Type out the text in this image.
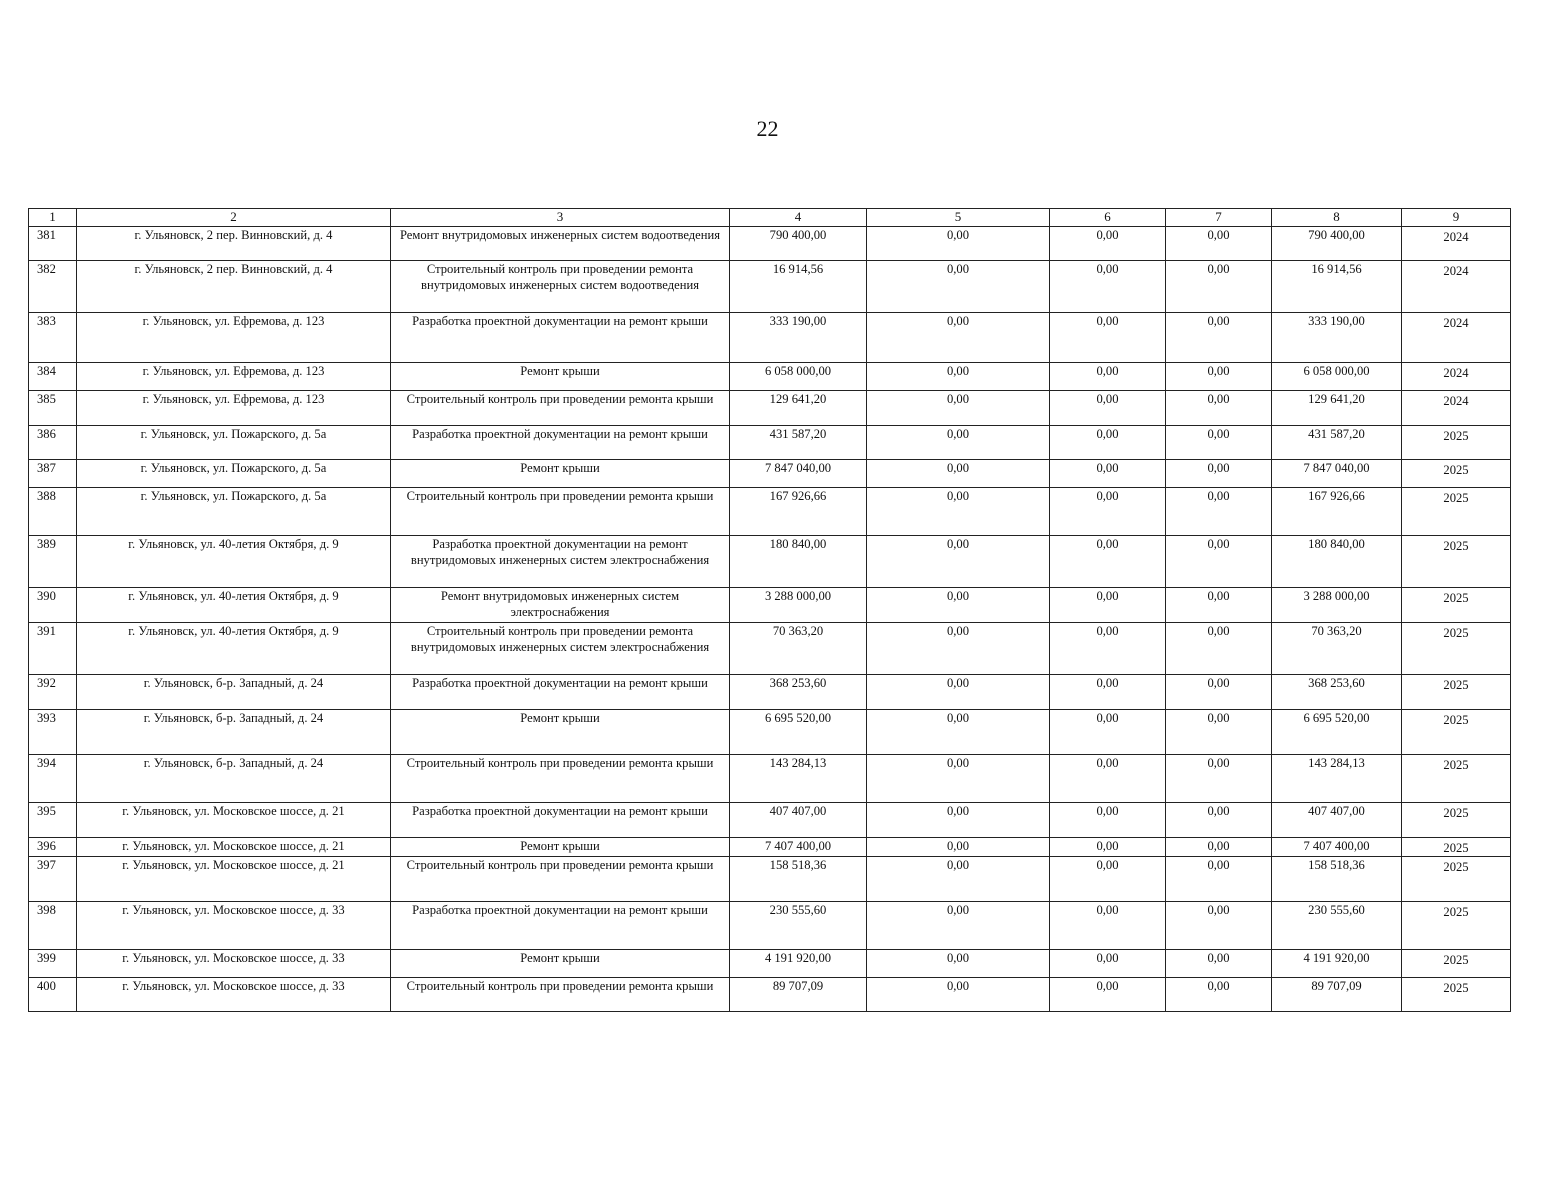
22
1	2	3	4	5	6	7	8	9
381	г. Ульяновск, 2 пер. Винновский, д. 4	Ремонт внутридомовых инженерных систем водоотведения	790 400,00	0,00	0,00	0,00	790 400,00	2024
382	г. Ульяновск, 2 пер. Винновский, д. 4	Строительный контроль при проведении ремонта внутридомовых инженерных систем водоотведения	16 914,56	0,00	0,00	0,00	16 914,56	2024
383	г. Ульяновск, ул. Ефремова, д. 123	Разработка проектной документации на ремонт крыши	333 190,00	0,00	0,00	0,00	333 190,00	2024
384	г. Ульяновск, ул. Ефремова, д. 123	Ремонт крыши	6 058 000,00	0,00	0,00	0,00	6 058 000,00	2024
385	г. Ульяновск, ул. Ефремова, д. 123	Строительный контроль при проведении ремонта крыши	129 641,20	0,00	0,00	0,00	129 641,20	2024
386	г. Ульяновск, ул. Пожарского, д. 5а	Разработка проектной документации на ремонт крыши	431 587,20	0,00	0,00	0,00	431 587,20	2025
387	г. Ульяновск, ул. Пожарского, д. 5а	Ремонт крыши	7 847 040,00	0,00	0,00	0,00	7 847 040,00	2025
388	г. Ульяновск, ул. Пожарского, д. 5а	Строительный контроль при проведении ремонта крыши	167 926,66	0,00	0,00	0,00	167 926,66	2025
389	г. Ульяновск, ул. 40-летия Октября, д. 9	Разработка проектной документации на ремонт внутридомовых инженерных систем электроснабжения	180 840,00	0,00	0,00	0,00	180 840,00	2025
390	г. Ульяновск, ул. 40-летия Октября, д. 9	Ремонт внутридомовых инженерных систем электроснабжения	3 288 000,00	0,00	0,00	0,00	3 288 000,00	2025
391	г. Ульяновск, ул. 40-летия Октября, д. 9	Строительный контроль при проведении ремонта внутридомовых инженерных систем электроснабжения	70 363,20	0,00	0,00	0,00	70 363,20	2025
392	г. Ульяновск, б-р. Западный, д. 24	Разработка проектной документации на ремонт крыши	368 253,60	0,00	0,00	0,00	368 253,60	2025
393	г. Ульяновск, б-р. Западный, д. 24	Ремонт крыши	6 695 520,00	0,00	0,00	0,00	6 695 520,00	2025
394	г. Ульяновск, б-р. Западный, д. 24	Строительный контроль при проведении ремонта крыши	143 284,13	0,00	0,00	0,00	143 284,13	2025
395	г. Ульяновск, ул. Московское шоссе, д. 21	Разработка проектной документации на ремонт крыши	407 407,00	0,00	0,00	0,00	407 407,00	2025
396	г. Ульяновск, ул. Московское шоссе, д. 21	Ремонт крыши	7 407 400,00	0,00	0,00	0,00	7 407 400,00	2025
397	г. Ульяновск, ул. Московское шоссе, д. 21	Строительный контроль при проведении ремонта крыши	158 518,36	0,00	0,00	0,00	158 518,36	2025
398	г. Ульяновск, ул. Московское шоссе, д. 33	Разработка проектной документации на ремонт крыши	230 555,60	0,00	0,00	0,00	230 555,60	2025
399	г. Ульяновск, ул. Московское шоссе, д. 33	Ремонт крыши	4 191 920,00	0,00	0,00	0,00	4 191 920,00	2025
400	г. Ульяновск, ул. Московское шоссе, д. 33	Строительный контроль при проведении ремонта крыши	89 707,09	0,00	0,00	0,00	89 707,09	2025
